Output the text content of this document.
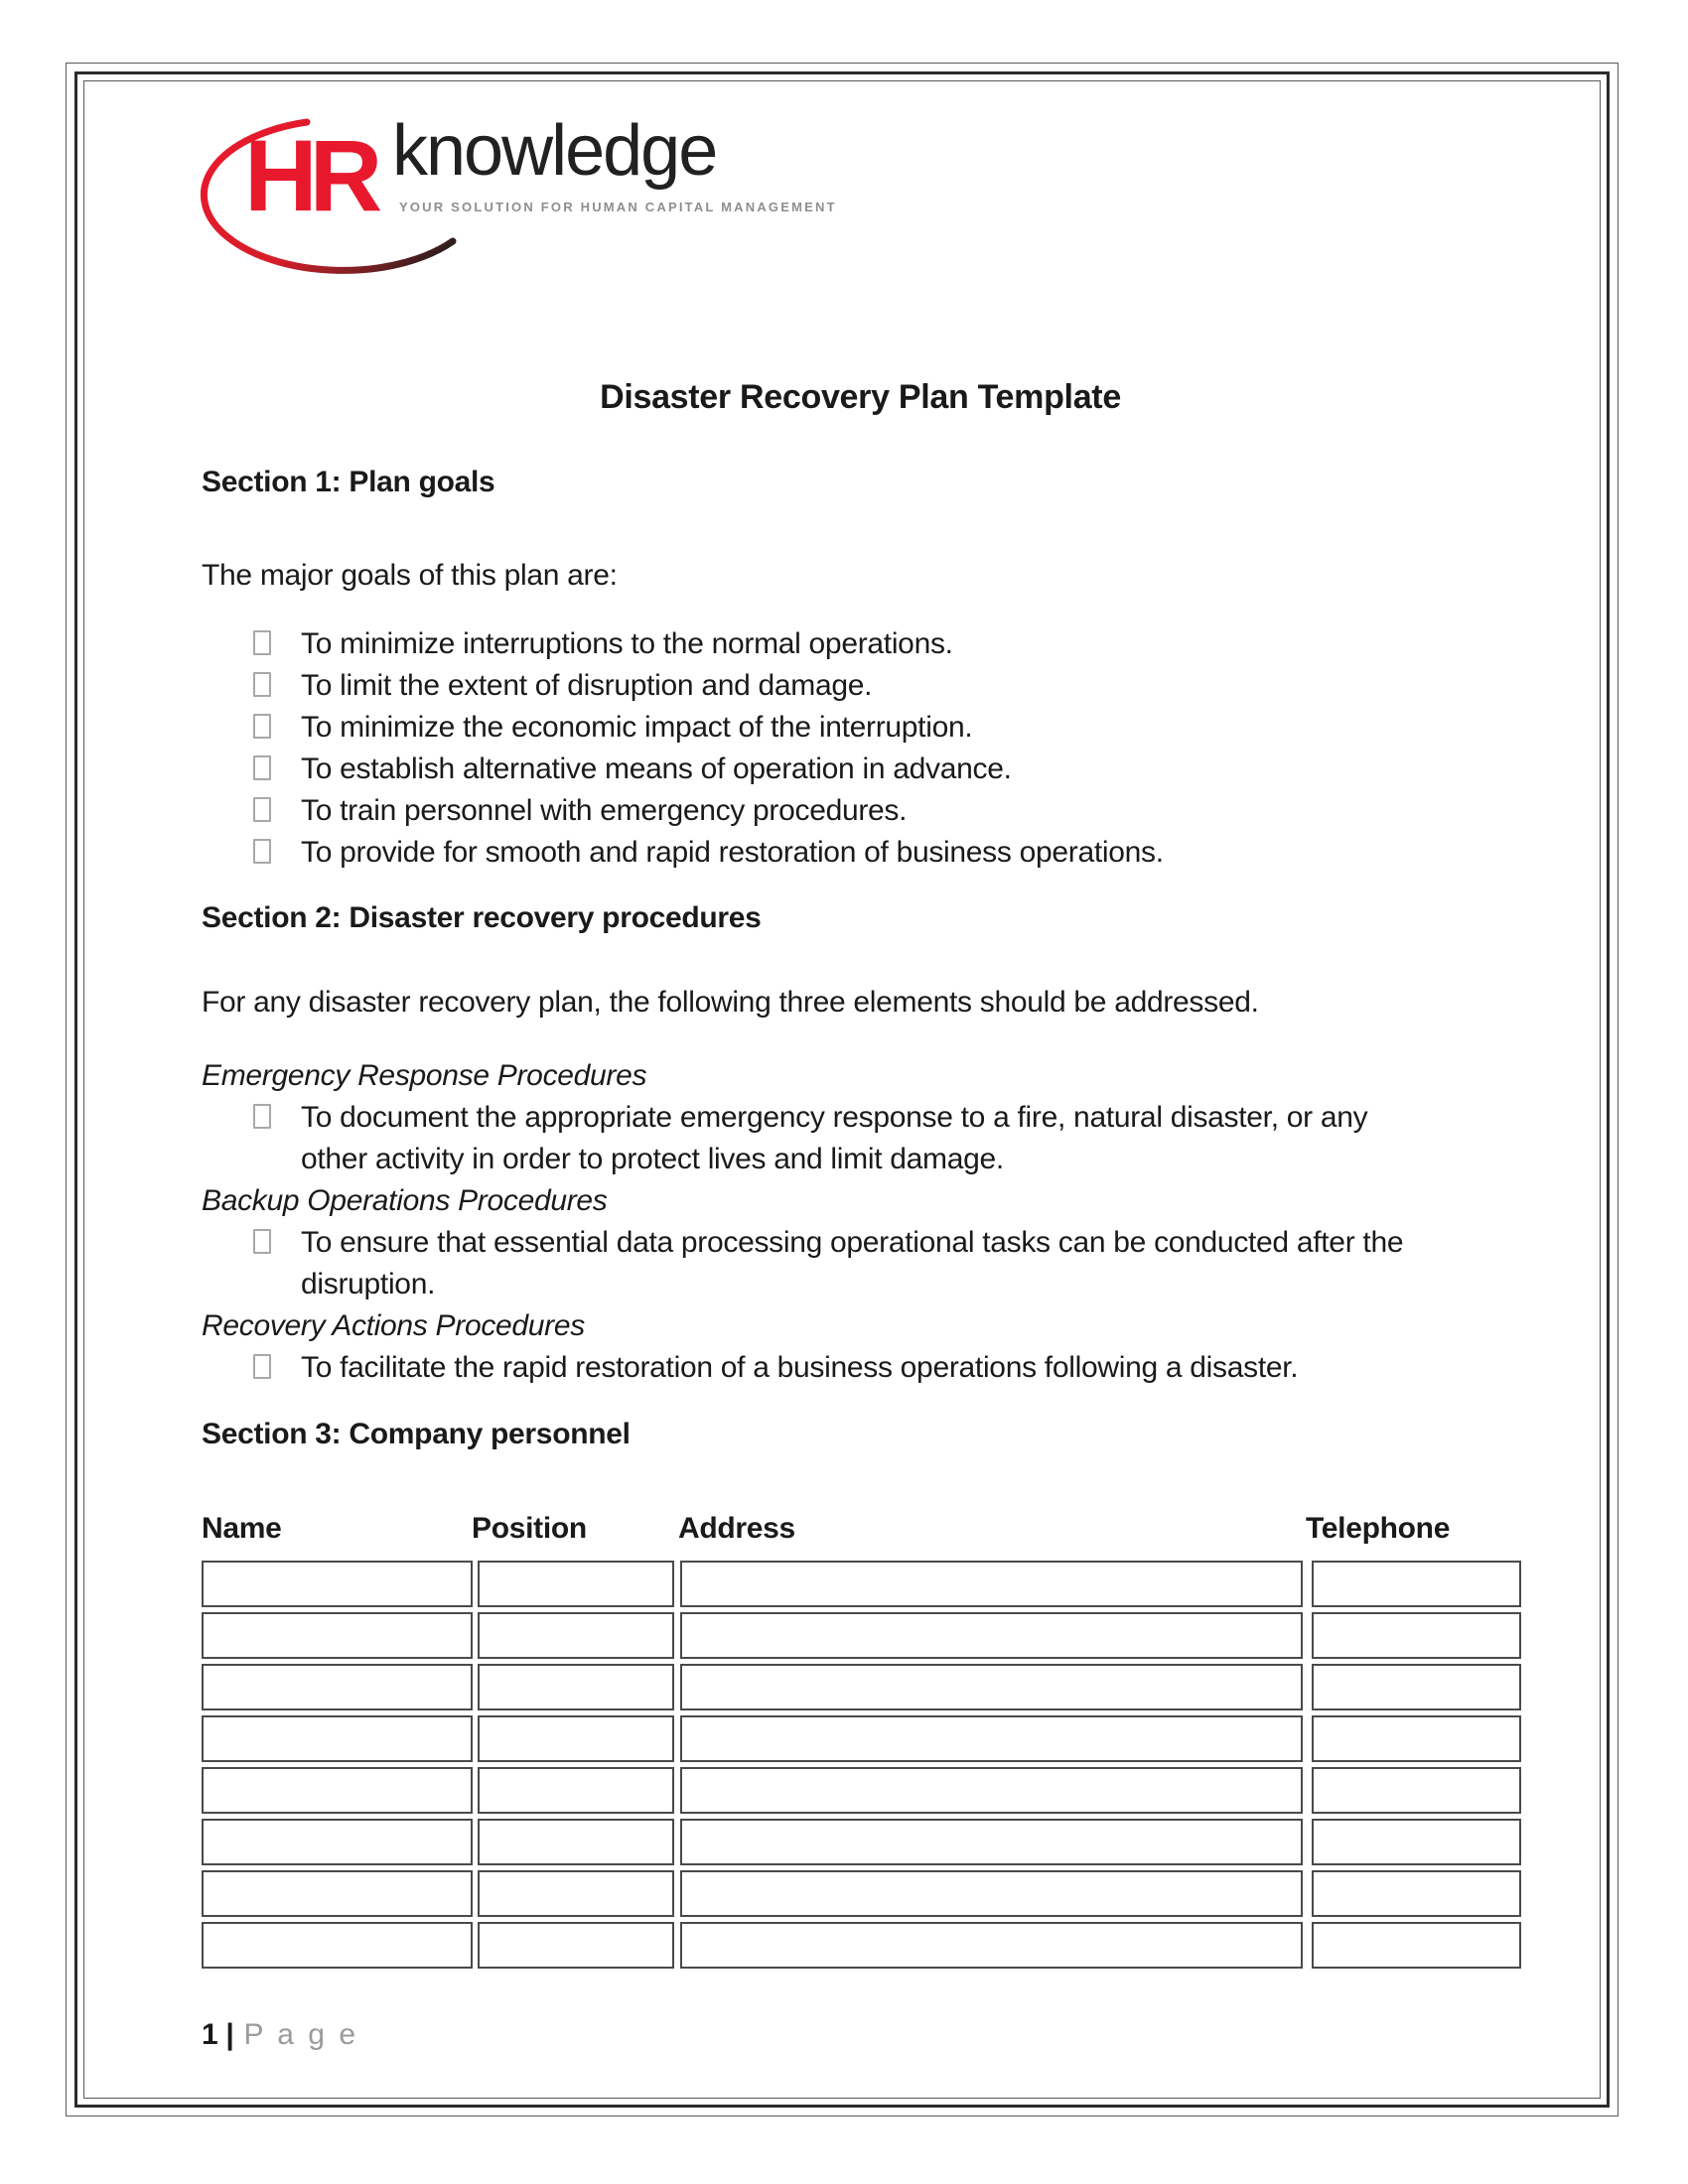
HR knowledge
YOUR SOLUTION FOR HUMAN CAPITAL MANAGEMENT
Disaster Recovery Plan Template
Section 1: Plan goals
The major goals of this plan are:
To minimize interruptions to the normal operations.
To limit the extent of disruption and damage.
To minimize the economic impact of the interruption.
To establish alternative means of operation in advance.
To train personnel with emergency procedures.
To provide for smooth and rapid restoration of business operations.
Section 2: Disaster recovery procedures
For any disaster recovery plan, the following three elements should be addressed.
Emergency Response Procedures
To document the appropriate emergency response to a fire, natural disaster, or any
other activity in order to protect lives and limit damage.
Backup Operations Procedures
To ensure that essential data processing operational tasks can be conducted after the
disruption.
Recovery Actions Procedures
To facilitate the rapid restoration of a business operations following a disaster.
Section 3: Company personnel
Name	Position	Address	Telephone
1 | P a g e
